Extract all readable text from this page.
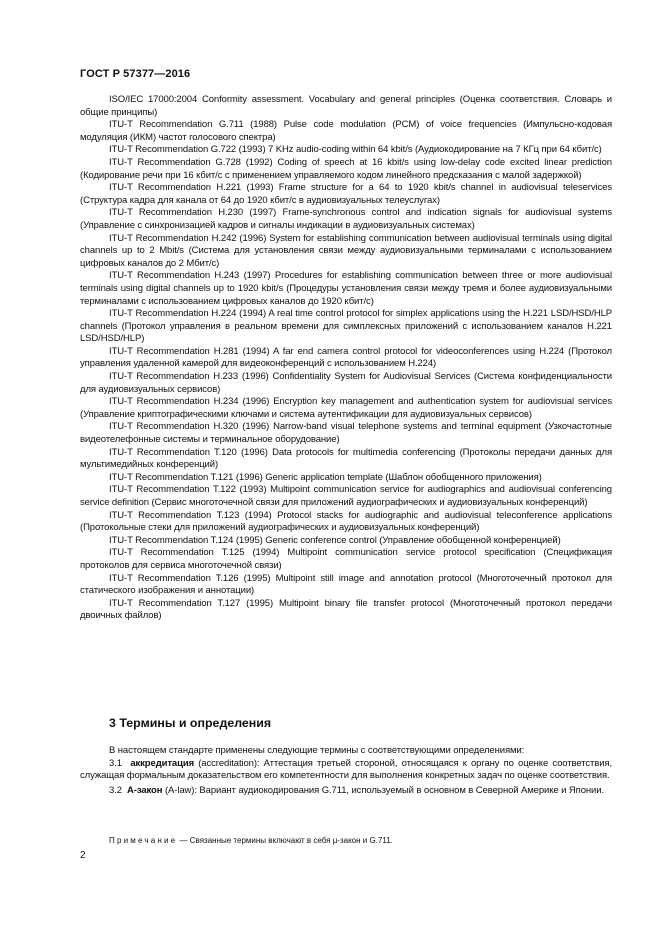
ГОСТ Р 57377—2016

ISO/IEC 17000:2004 Conformity assessment. Vocabulary and general principles (Оценка соответствия. Словарь и общие принципы)

ITU-T Recommendation G.711 (1988) Pulse code modulation (PCM) of voice frequencies (Импульсно-кодовая модуляция (ИКМ) частот голосового спектра)

ITU-T Recommendation G.722 (1993) 7 KHz audio-coding within 64 kbit/s (Аудиокодирование на 7 КГц при 64 кбит/с)

ITU-T Recommendation G.728 (1992) Coding of speech at 16 kbit/s using low-delay code excited linear prediction (Кодирование речи при 16 кбит/с с применением управляемого кодом линейного предсказания с малой задержкой)

ITU-T Recommendation H.221 (1993) Frame structure for a 64 to 1920 kbit/s channel in audiovisual teleservices (Структура кадра для канала от 64 до 1920 кбит/с в аудиовизуальных телеуслугах)

ITU-T Recommendation H.230 (1997) Frame-synchronous control and indication signals for audiovisual systems (Управление с синхронизацией кадров и сигналы индикации в аудиовизуальных системах)

ITU-T Recommendation H.242 (1996) System for establishing communication between audiovisual terminals using digital channels up to 2 Mbit/s (Система для установления связи между аудиовизуальными терминалами с использованием цифровых каналов до 2 Мбит/с)

ITU-T Recommendation H.243 (1997) Procedures for establishing communication between three or more audiovisual terminals using digital channels up to 1920 kbit/s (Процедуры установления связи между тремя и более аудиовизуальными терминалами с использованием цифровых каналов до 1920 кбит/с)

ITU-T Recommendation H.224 (1994) A real time control protocol for simplex applications using the H.221 LSD/HSD/HLP channels (Протокол управления в реальном времени для симплексных приложений с использованием каналов H.221 LSD/HSD/HLP)

ITU-T Recommendation H.281 (1994) A far end camera control protocol for videoconferences using H.224 (Протокол управления удаленной камерой для видеоконференций с использованием H.224)

ITU-T Recommendation H.233 (1996) Confidentiality System for Audiovisual Services (Система конфиденциальности для аудиовизуальных сервисов)

ITU-T Recommendation H.234 (1996) Encryption key management and authentication system for audiovisual services (Управление криптографическими ключами и система аутентификации для аудиовизуальных сервисов)

ITU-T Recommendation H.320 (1996) Narrow-band visual telephone systems and terminal equipment (Узкочастотные видеотелефонные системы и терминальное оборудование)

ITU-T Recommendation T.120 (1996) Data protocols for multimedia conferencing (Протоколы передачи данных для мультимедийных конференций)

ITU-T Recommendation T.121 (1996) Generic application template (Шаблон обобщенного приложения)

ITU-T Recommendation T.122 (1993) Multipoint communication service for audiographics and audiovisual conferencing service definition (Сервис многоточечной связи для приложений аудиографических и аудиовизуальных конференций)

ITU-T Recommendation T.123 (1994) Protocol stacks for audiographic and audiovisual teleconference applications (Протокольные стеки для приложений аудиографических и аудиовизуальных конференций)

ITU-T Recommendation T.124 (1995) Generic conference control (Управление обобщенной конференцией)

ITU-T Recommendation T.125 (1994) Multipoint communication service protocol specification (Спецификация протоколов для сервиса многоточечной связи)

ITU-T Recommendation T.126 (1995) Multipoint still image and annotation protocol (Многоточечный протокол для статического изображения и аннотации)

ITU-T Recommendation T.127 (1995) Multipoint binary file transfer protocol (Многоточечный протокол передачи двоичных файлов)

3 Термины и определения

В настоящем стандарте применены следующие термины с соответствующими определениями:

3.1 аккредитация (accreditation): Аттестация третьей стороной, относящаяся к органу по оценке соответствия, служащая формальным доказательством его компетентности для выполнения конкретных задач по оценке соответствия.

3.2 A-закон (A-law): Вариант аудиокодирования G.711, используемый в основном в Северной Америке и Японии.

Примечание — Связанные термины включают в себя μ-закон и G.711.
2
